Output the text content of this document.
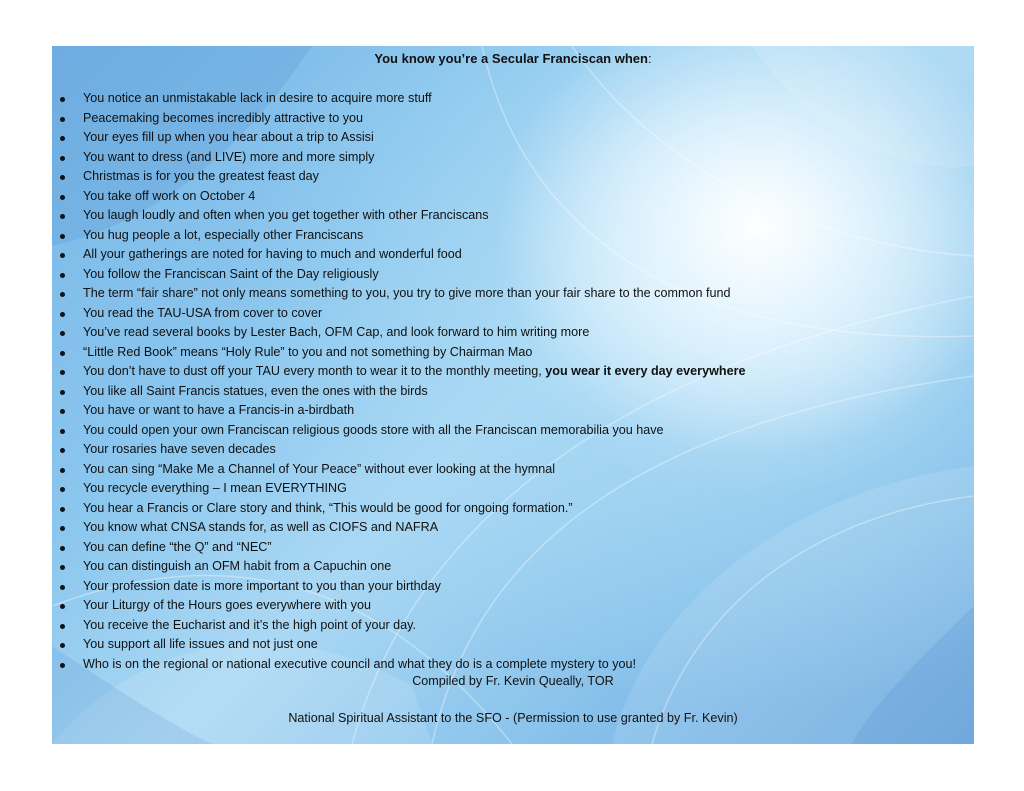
You know you’re a Secular Franciscan when:
You notice an unmistakable lack in desire to acquire more stuff
Peacemaking becomes incredibly attractive to you
Your eyes fill up when you hear about a trip to Assisi
You want to dress (and LIVE) more and more simply
Christmas is for you the greatest feast day
You take off work on October 4
You laugh loudly and often when you get together with other Franciscans
You hug people a lot, especially other Franciscans
All your gatherings are noted for having to much and wonderful food
You follow the Franciscan Saint of the Day religiously
The term “fair share” not only means something to you, you try to give more than your fair share to the common fund
You read the TAU-USA from cover to cover
You’ve read several books by Lester Bach, OFM Cap, and look forward to him writing more
“Little Red Book” means “Holy Rule” to you and not something by Chairman Mao
You don’t have to dust off your TAU every month to wear it to the monthly meeting, you wear it every day everywhere
You like all Saint Francis statues, even the ones with the birds
You have or want to have a Francis-in a-birdbath
You could open your own Franciscan religious goods store with all the Franciscan memorabilia you have
Your rosaries have seven decades
You can sing “Make Me a Channel of Your Peace” without ever looking at the hymnal
You recycle everything – I mean EVERYTHING
You hear a Francis or Clare story and think, “This would be good for ongoing formation.”
You know what CNSA stands for, as well as CIOFS and NAFRA
You can define “the Q” and “NEC”
You can distinguish an OFM habit from a Capuchin one
Your profession date is more important to you than your birthday
Your Liturgy of the Hours goes everywhere with you
You receive the Eucharist and it’s the high point of your day.
You support all life issues and not just one
Who is on the regional or national executive council and what they do is a complete mystery to you!
Compiled by Fr. Kevin Queally, TOR
National Spiritual Assistant to the SFO - (Permission to use granted by Fr. Kevin)
